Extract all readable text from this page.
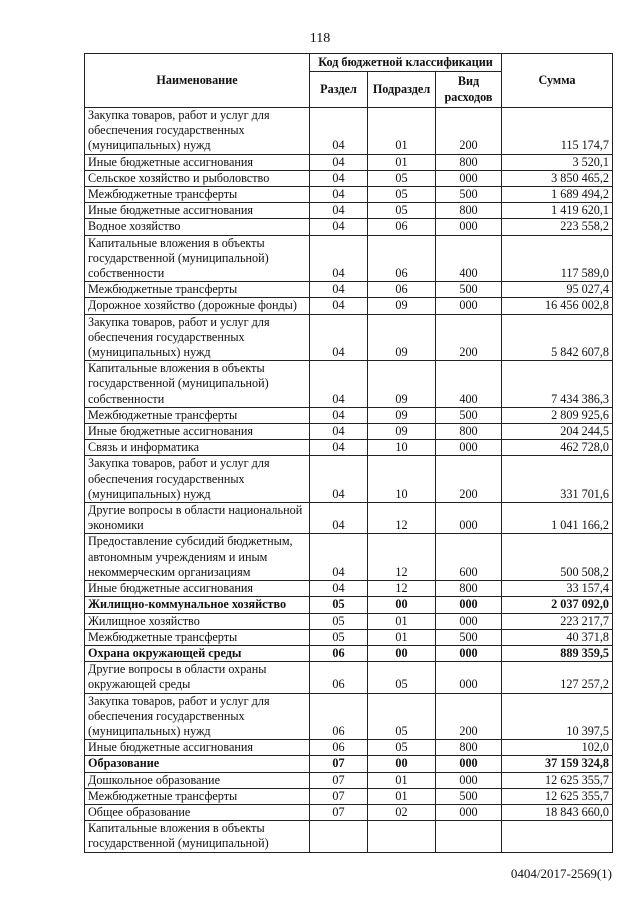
118
Наименование	Код бюджетной классификации			Сумма
	Раздел	Подраздел	Вид расходов	
Закупка товаров, работ и услуг для обеспечения государственных (муниципальных) нужд	04	01	200	115 174,7
Иные бюджетные ассигнования	04	01	800	3 520,1
Сельское хозяйство и рыболовство	04	05	000	3 850 465,2
Межбюджетные трансферты	04	05	500	1 689 494,2
Иные бюджетные ассигнования	04	05	800	1 419 620,1
Водное хозяйство	04	06	000	223 558,2
Капитальные вложения в объекты государственной (муниципальной) собственности	04	06	400	117 589,0
Межбюджетные трансферты	04	06	500	95 027,4
Дорожное хозяйство (дорожные фонды)	04	09	000	16 456 002,8
Закупка товаров, работ и услуг для обеспечения государственных (муниципальных) нужд	04	09	200	5 842 607,8
Капитальные вложения в объекты государственной (муниципальной) собственности	04	09	400	7 434 386,3
Межбюджетные трансферты	04	09	500	2 809 925,6
Иные бюджетные ассигнования	04	09	800	204 244,5
Связь и информатика	04	10	000	462 728,0
Закупка товаров, работ и услуг для обеспечения государственных (муниципальных) нужд	04	10	200	331 701,6
Другие вопросы в области национальной экономики	04	12	000	1 041 166,2
Предоставление субсидий бюджетным, автономным учреждениям и иным некоммерческим организациям	04	12	600	500 508,2
Иные бюджетные ассигнования	04	12	800	33 157,4
Жилищно-коммунальное хозяйство	05	00	000	2 037 092,0
Жилищное хозяйство	05	01	000	223 217,7
Межбюджетные трансферты	05	01	500	40 371,8
Охрана окружающей среды	06	00	000	889 359,5
Другие вопросы в области охраны окружающей среды	06	05	000	127 257,2
Закупка товаров, работ и услуг для обеспечения государственных (муниципальных) нужд	06	05	200	10 397,5
Иные бюджетные ассигнования	06	05	800	102,0
Образование	07	00	000	37 159 324,8
Дошкольное образование	07	01	000	12 625 355,7
Межбюджетные трансферты	07	01	500	12 625 355,7
Общее образование	07	02	000	18 843 660,0
Капитальные вложения в объекты государственной (муниципальной)				
0404/2017-2569(1)
